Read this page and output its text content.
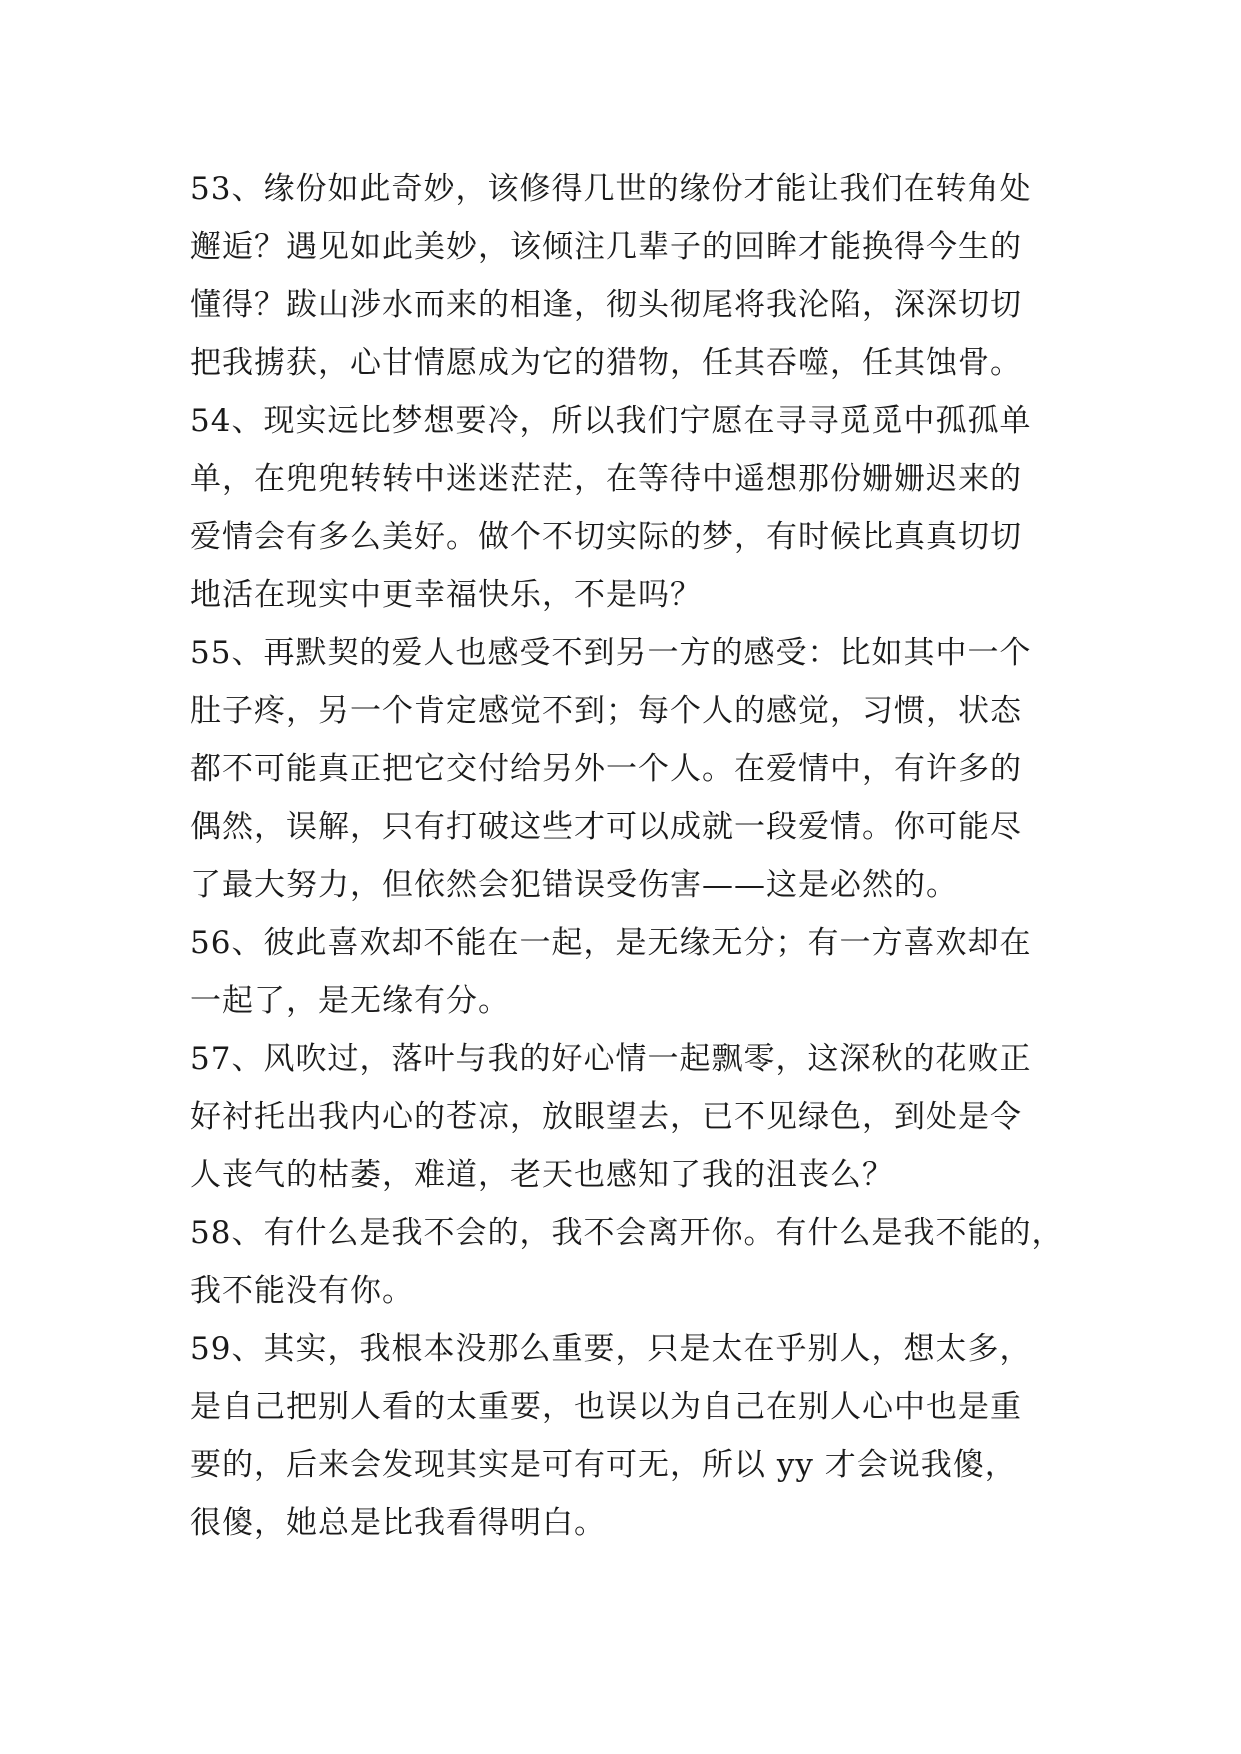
53、缘份如此奇妙，该修得几世的缘份才能让我们在转角处
邂逅？遇见如此美妙，该倾注几辈子的回眸才能换得今生的
懂得？跋山涉水而来的相逢，彻头彻尾将我沦陷，深深切切
把我掳获，心甘情愿成为它的猎物，任其吞噬，任其蚀骨。
54、现实远比梦想要冷，所以我们宁愿在寻寻觅觅中孤孤单
单，在兜兜转转中迷迷茫茫，在等待中遥想那份姗姗迟来的
爱情会有多么美好。做个不切实际的梦，有时候比真真切切
地活在现实中更幸福快乐，不是吗？
55、再默契的爱人也感受不到另一方的感受：比如其中一个
肚子疼，另一个肯定感觉不到；每个人的感觉，习惯，状态
都不可能真正把它交付给另外一个人。在爱情中，有许多的
偶然，误解，只有打破这些才可以成就一段爱情。你可能尽
了最大努力，但依然会犯错误受伤害——这是必然的。
56、彼此喜欢却不能在一起，是无缘无分；有一方喜欢却在
一起了，是无缘有分。
57、风吹过，落叶与我的好心情一起飘零，这深秋的花败正
好衬托出我内心的苍凉，放眼望去，已不见绿色，到处是令
人丧气的枯萎，难道，老天也感知了我的沮丧么？
58、有什么是我不会的，我不会离开你。有什么是我不能的，
我不能没有你。
59、其实，我根本没那么重要，只是太在乎别人，想太多，
是自己把别人看的太重要，也误以为自己在别人心中也是重
要的，后来会发现其实是可有可无，所以 yy 才会说我傻，
很傻，她总是比我看得明白。
